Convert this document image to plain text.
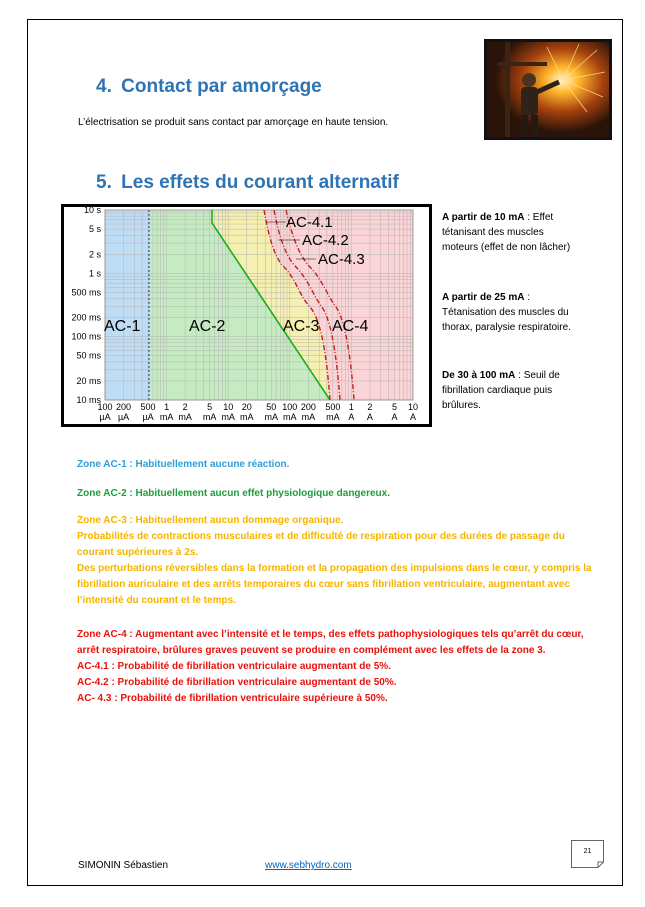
4. Contact par amorçage

L’électrisation se produit sans contact par amorçage en haute tension.

5. Les effets du courant alternatif
AC-4.1
AC-4.2
AC-4.3
AC-1	AC-2	AC-3 AC-4
10 s
5 s
2 s
1 s
500 ms
200 ms
100 ms
50 ms
20 ms
10 ms
100
µA
200
µA
500
µA
1
mA
2
mA
5
mA
10
mA
20
mA
50
mA
100
mA
200
mA
500
mA
1
A
2
A
5
A
10
A
A partir de 10 mA : Effet tétanisant des muscles moteurs (effet de non lâcher)
A partir de 25 mA : Tétanisation des muscles du thorax, paralysie respiratoire.
De 30 à 100 mA : Seuil de fibrillation cardiaque puis brûlures.

Zone AC-1 : Habituellement aucune réaction.

Zone AC-2 : Habituellement aucun effet physiologique dangereux.

Zone AC-3 : Habituellement aucun dommage organique.
Probabilités de contractions musculaires et de difficulté de respiration pour des durées de passage du courant supérieures à 2s.
Des perturbations réversibles dans la formation et la propagation des impulsions dans le cœur, y compris la fibrillation auriculaire et des arrêts temporaires du cœur sans fibrillation ventriculaire, augmentant avec l’intensité du courant et le temps.
Zone AC-4 : Augmentant avec l’intensité et le temps, des effets pathophysiologiques tels qu’arrêt du cœur, arrêt respiratoire, brûlures graves peuvent se produire en complément avec les effets de la zone 3.
AC-4.1 : Probabilité de fibrillation ventriculaire augmentant de 5%.
AC-4.2 : Probabilité de fibrillation ventriculaire augmentant de 50%.
AC- 4.3 : Probabilité de fibrillation ventriculaire supérieure à 50%.
SIMONIN Sébastien	www.sebhydro.com
21
